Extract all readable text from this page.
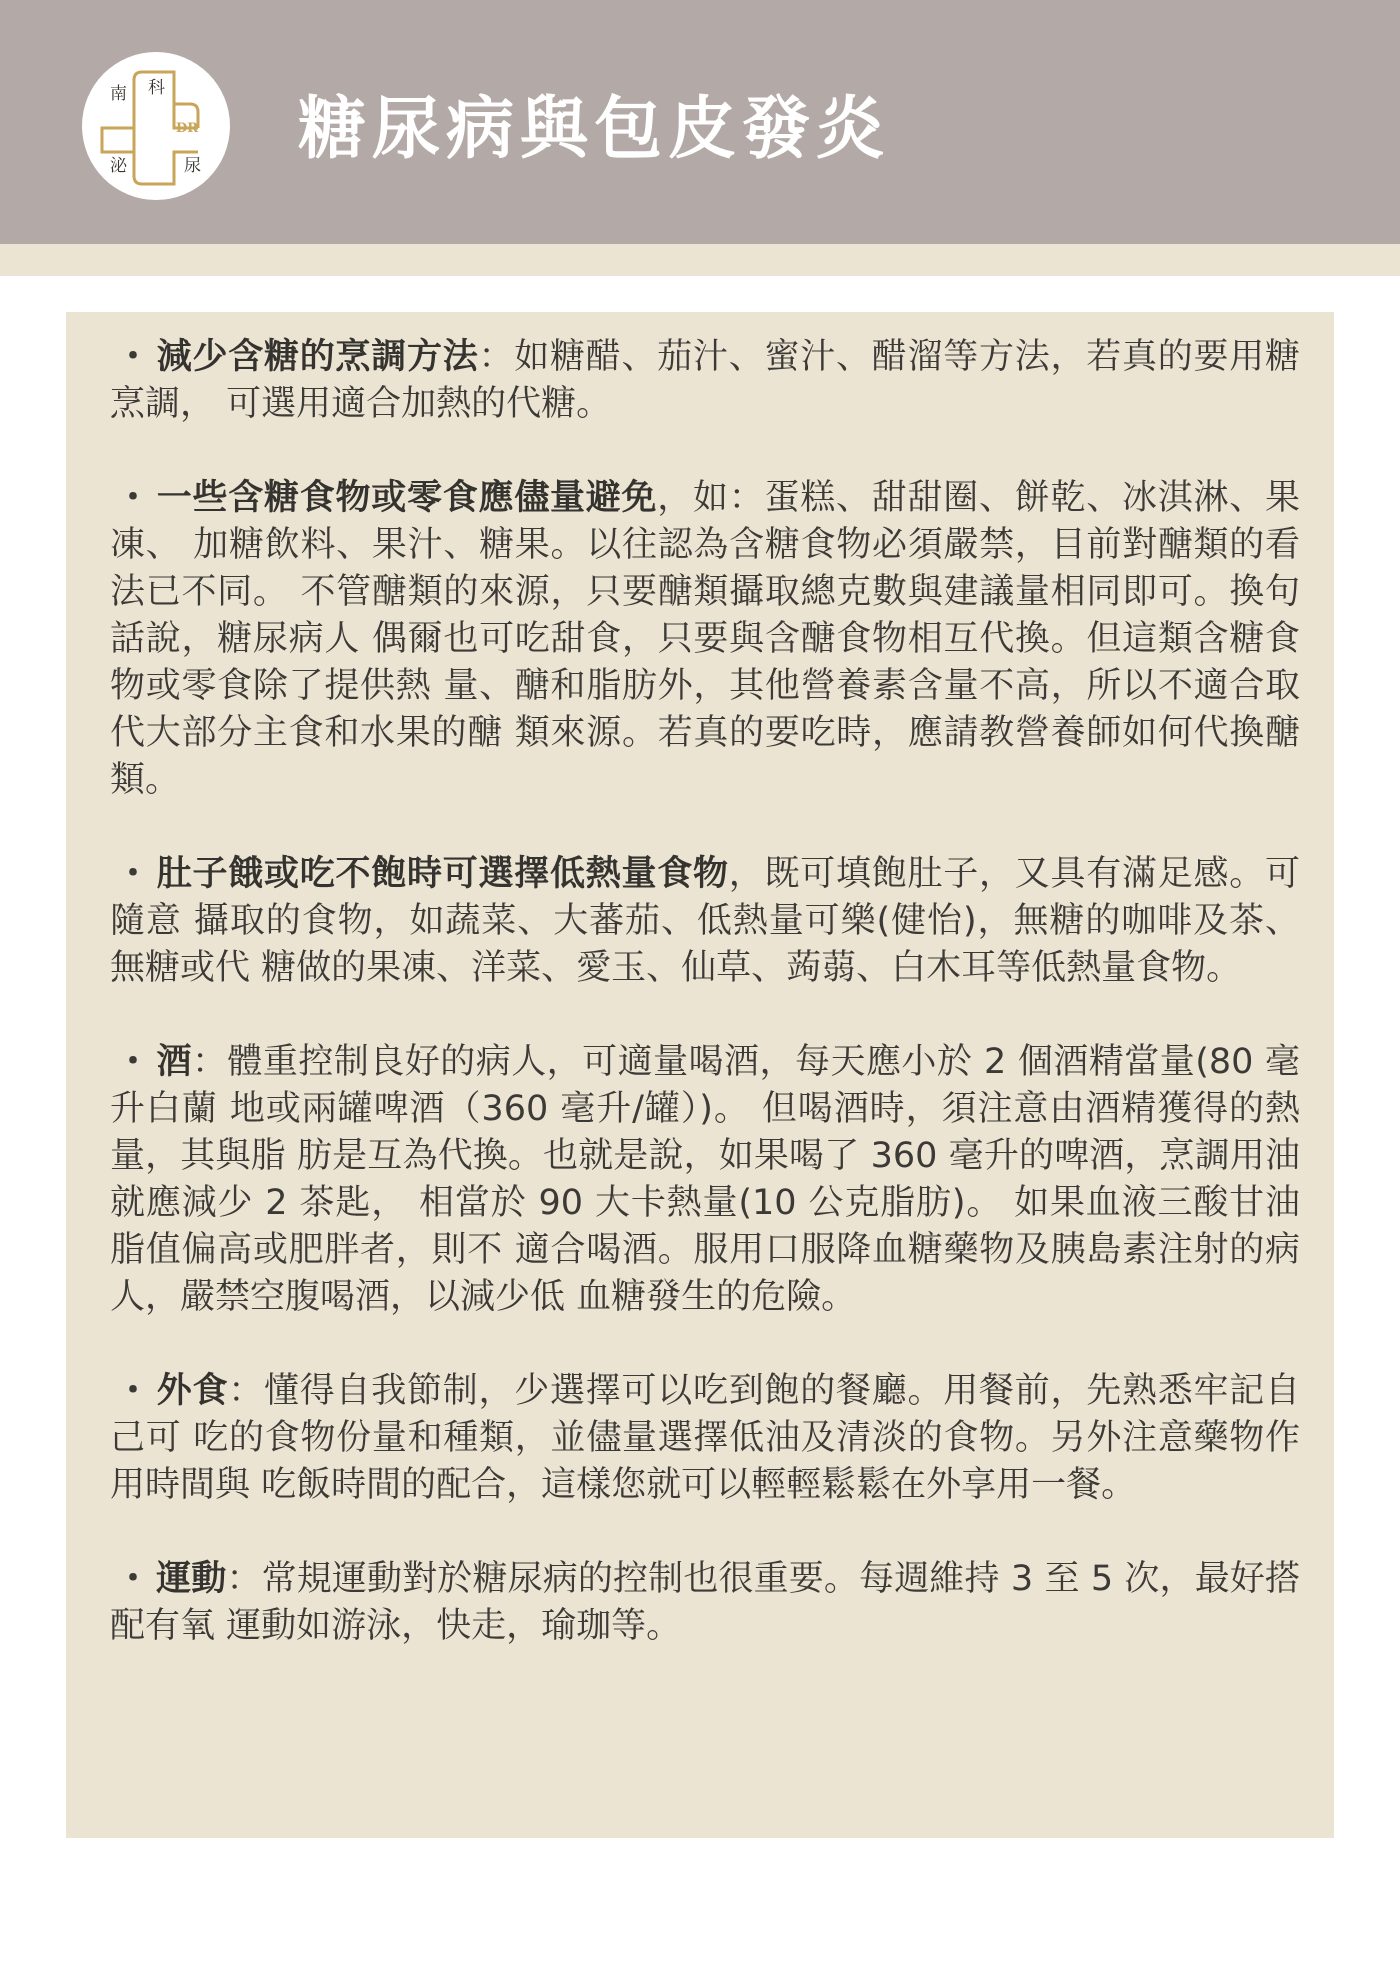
南 科
泌	尿
DR 糖尿病與包皮發炎

・ 減少含糖的烹調方法：如糖醋、茄汁、蜜汁、醋溜等方法，若真的要用糖烹調， 可選用適合加熱的代糖。

・ 一些含糖食物或零食應儘量避免，如：蛋糕、甜甜圈、餅乾、冰淇淋、果凍、 加糖飲料、果汁、糖果。以往認為含糖食物必須嚴禁，目前對醣類的看法已不同。 不管醣類的來源，只要醣類攝取總克數與建議量相同即可。換句話說，糖尿病人 偶爾也可吃甜食，只要與含醣食物相互代換。但這類含糖食物或零食除了提供熱 量、醣和脂肪外，其他營養素含量不高，所以不適合取代大部分主食和水果的醣 類來源。若真的要吃時，應請教營養師如何代換醣類。

・ 肚子餓或吃不飽時可選擇低熱量食物，既可填飽肚子，又具有滿足感。可隨意 攝取的食物，如蔬菜、大蕃茄、低熱量可樂(健怡)，無糖的咖啡及茶、無糖或代 糖做的果凍、洋菜、愛玉、仙草、蒟蒻、白木耳等低熱量食物。

・ 酒：體重控制良好的病人，可適量喝酒，每天應小於 2 個酒精當量(80 毫升白蘭 地或兩罐啤酒（360 毫升/罐）)。 但喝酒時，須注意由酒精獲得的熱量，其與脂 肪是互為代換。也就是說，如果喝了 360 毫升的啤酒，烹調用油就應減少 2 茶匙， 相當於 90 大卡熱量(10 公克脂肪)。 如果血液三酸甘油脂值偏高或肥胖者，則不 適合喝酒。服用口服降血糖藥物及胰島素注射的病人，嚴禁空腹喝酒，以減少低 血糖發生的危險。

・ 外食：懂得自我節制，少選擇可以吃到飽的餐廳。用餐前，先熟悉牢記自己可 吃的食物份量和種類，並儘量選擇低油及清淡的食物。另外注意藥物作用時間與 吃飯時間的配合，這樣您就可以輕輕鬆鬆在外享用一餐。

・ 運動：常規運動對於糖尿病的控制也很重要。每週維持 3 至 5 次，最好搭配有氧 運動如游泳，快走，瑜珈等。
